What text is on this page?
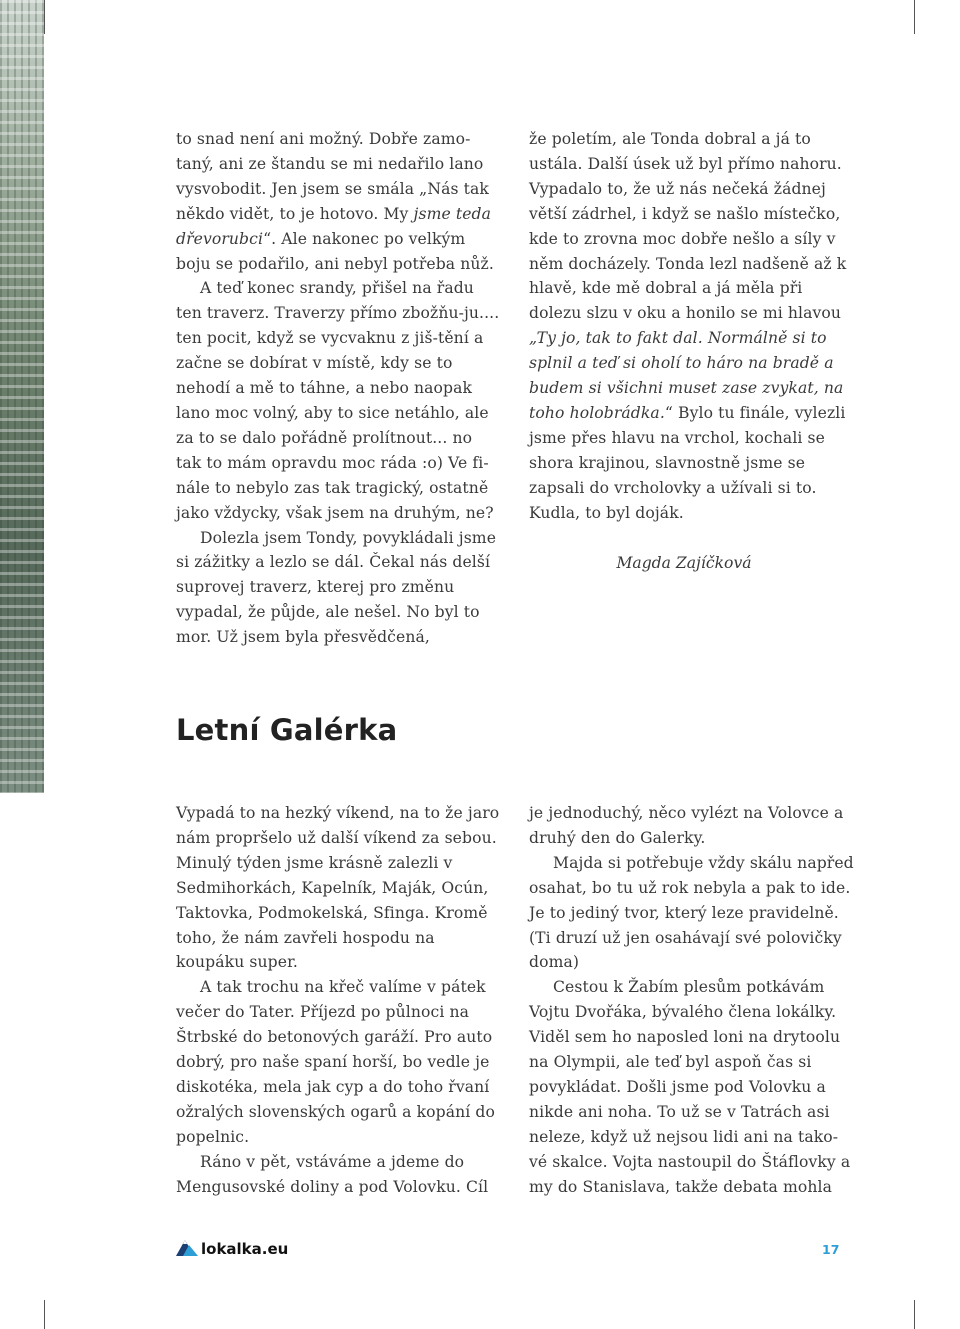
to snad není ani možný. Dobře zamo-taný, ani ze štandu se mi nedařilo lano vysvobodit. Jen jsem se smála „Nás tak někdo vidět, to je hotovo. My jsme teda dřevorubci“. Ale nakonec po velkým boju se podařilo, ani nebyl potřeba nůž.

A teď konec srandy, přišel na řadu ten traverz. Traverzy přímo zbožňu-ju.... ten pocit, když se vycvaknu z jiš-tění a začne se dobírat v místě, kdy se to nehodí a mě to táhne, a nebo naopak lano moc volný, aby to sice netáhlo, ale za to se dalo pořádně prolítnout... no tak to mám opravdu moc ráda :o) Ve fi-nále to nebylo zas tak tragický, ostatně jako vždycky, však jsem na druhým, ne?

Dolezla jsem Tondy, povykládali jsme si zážitky a lezlo se dál. Čekal nás delší suprovej traverz, kterej pro změnu vypadal, že půjde, ale nešel. No byl to mor. Už jsem byla přesvědčená,

že poletím, ale Tonda dobral a já to ustála. Další úsek už byl přímo nahoru. Vypadalo to, že už nás nečeká žádnej větší zádrhel, i když se našlo místečko, kde to zrovna moc dobře nešlo a síly v něm docházely. Tonda lezl nadšeně až k hlavě, kde mě dobral a já měla při dolezu slzu v oku a honilo se mi hlavou „Ty jo, tak to fakt dal. Normálně si to splnil a teď si oholí to háro na bradě a budem si všichni muset zase zvykat, na toho holobrádka.“ Bylo tu finále, vylezli jsme přes hlavu na vrchol, kochali se shora krajinou, slavnostně jsme se zapsali do vrcholovky a užívali si to. Kudla, to byl doják.

Magda Zajíčková
Letní Galérka

Vypadá to na hezký víkend, na to že jaro nám propršelo už další víkend za sebou. Minulý týden jsme krásně zalezli v Sedmihorkách, Kapelník, Maják, Ocún, Taktovka, Podmokelská, Sfinga. Kromě toho, že nám zavřeli hospodu na koupáku super.

A tak trochu na křeč valíme v pátek večer do Tater. Příjezd po půlnoci na Štrbské do betonových garáží. Pro auto dobrý, pro naše spaní horší, bo vedle je diskotéka, mela jak cyp a do toho řvaní ožralých slovenských ogarů a kopání do popelnic.

Ráno v pět, vstáváme a jdeme do Mengusovské doliny a pod Volovku. Cíl

je jednoduchý, něco vylézt na Volovce a druhý den do Galerky.

Majda si potřebuje vždy skálu napřed osahat, bo tu už rok nebyla a pak to ide. Je to jediný tvor, který leze pravidelně. (Ti druzí už jen osahávají své polovičky doma)

Cestou k Žabím plesům potkávám Vojtu Dvořáka, bývalého člena lokálky. Viděl sem ho naposled loni na drytoolu na Olympii, ale teď byl aspoň čas si povykládat. Došli jsme pod Volovku a nikde ani noha. To už se v Tatrách asi neleze, když už nejsou lidi ani na tako-vé skalce. Vojta nastoupil do Štáflovky a my do Stanislava, takže debata mohla

lokalka.eu	17
